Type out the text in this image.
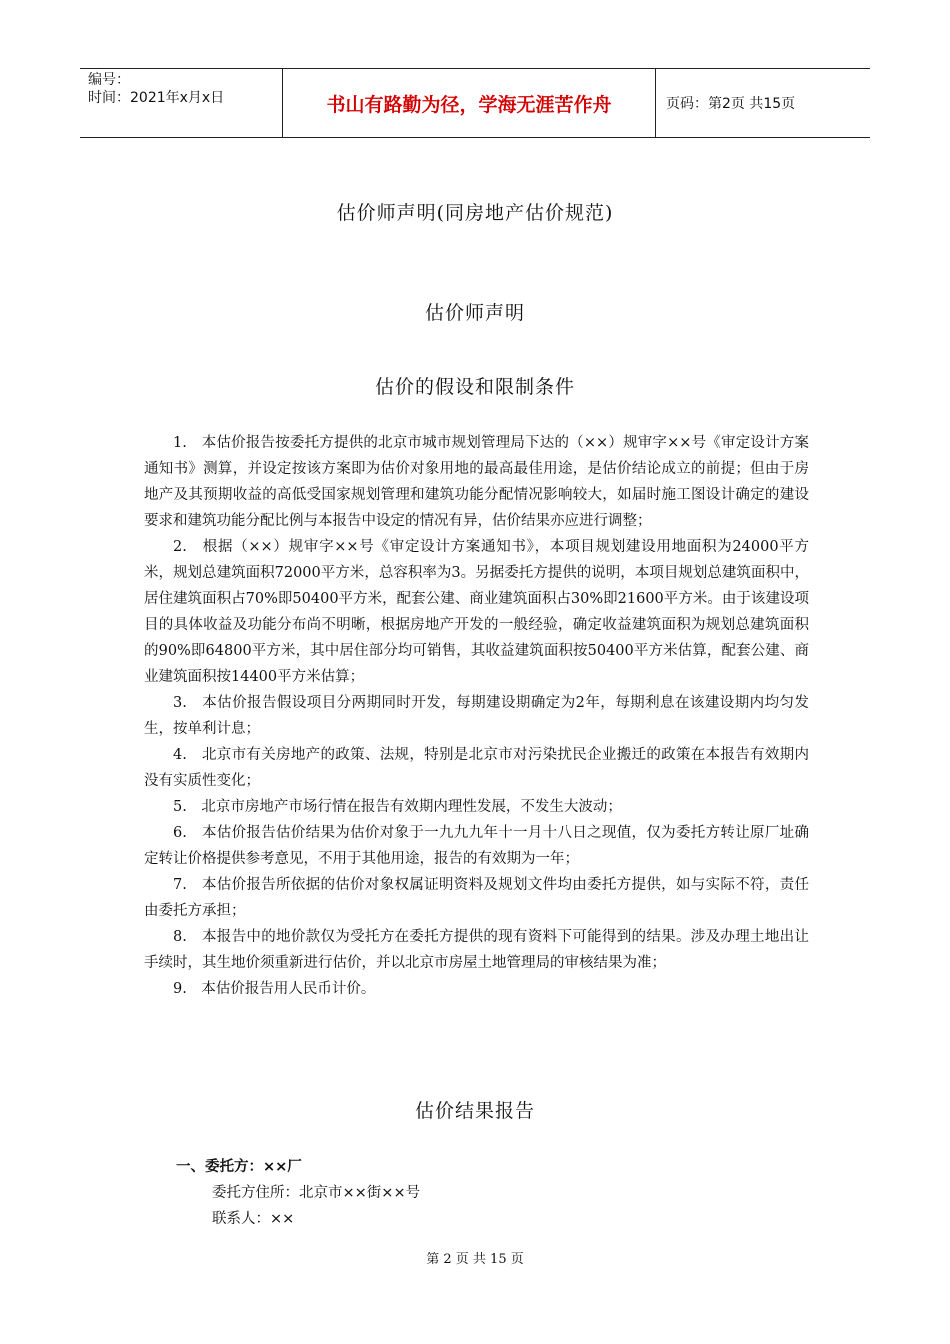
编号：
时间：2021年x月x日	书山有路勤为径，学海无涯苦作舟	页码：第2页 共15页
估价师声明(同房地产估价规范)
估价师声明
估价的假设和限制条件

1.　本估价报告按委托方提供的北京市城市规划管理局下达的（××）规审字××号《审定设计方案通知书》测算，并设定按该方案即为估价对象用地的最高最佳用途，是估价结论成立的前提；但由于房地产及其预期收益的高低受国家规划管理和建筑功能分配情况影响较大，如届时施工图设计确定的建设要求和建筑功能分配比例与本报告中设定的情况有异，估价结果亦应进行调整；

2.　根据（××）规审字××号《审定设计方案通知书》，本项目规划建设用地面积为24000平方米，规划总建筑面积72000平方米，总容积率为3。另据委托方提供的说明，本项目规划总建筑面积中，居住建筑面积占70%即50400平方米，配套公建、商业建筑面积占30%即21600平方米。由于该建设项目的具体收益及功能分布尚不明晰，根据房地产开发的一般经验，确定收益建筑面积为规划总建筑面积的90%即64800平方米，其中居住部分均可销售，其收益建筑面积按50400平方米估算，配套公建、商业建筑面积按14400平方米估算；

3.　本估价报告假设项目分两期同时开发，每期建设期确定为2年，每期利息在该建设期内均匀发生，按单利计息；

4.　北京市有关房地产的政策、法规，特别是北京市对污染扰民企业搬迁的政策在本报告有效期内没有实质性变化；

5.　北京市房地产市场行情在报告有效期内理性发展，不发生大波动；

6.　本估价报告估价结果为估价对象于一九九九年十一月十八日之现值，仅为委托方转让原厂址确定转让价格提供参考意见，不用于其他用途，报告的有效期为一年；

7.　本估价报告所依据的估价对象权属证明资料及规划文件均由委托方提供，如与实际不符，责任由委托方承担；

8.　本报告中的地价款仅为受托方在委托方提供的现有资料下可能得到的结果。涉及办理土地出让手续时，其生地价须重新进行估价，并以北京市房屋土地管理局的审核结果为准；

9.　本估价报告用人民币计价。

估价结果报告
一、委托方：××厂
委托方住所：北京市××街××号
联系人：××
第 2 页 共 15 页
